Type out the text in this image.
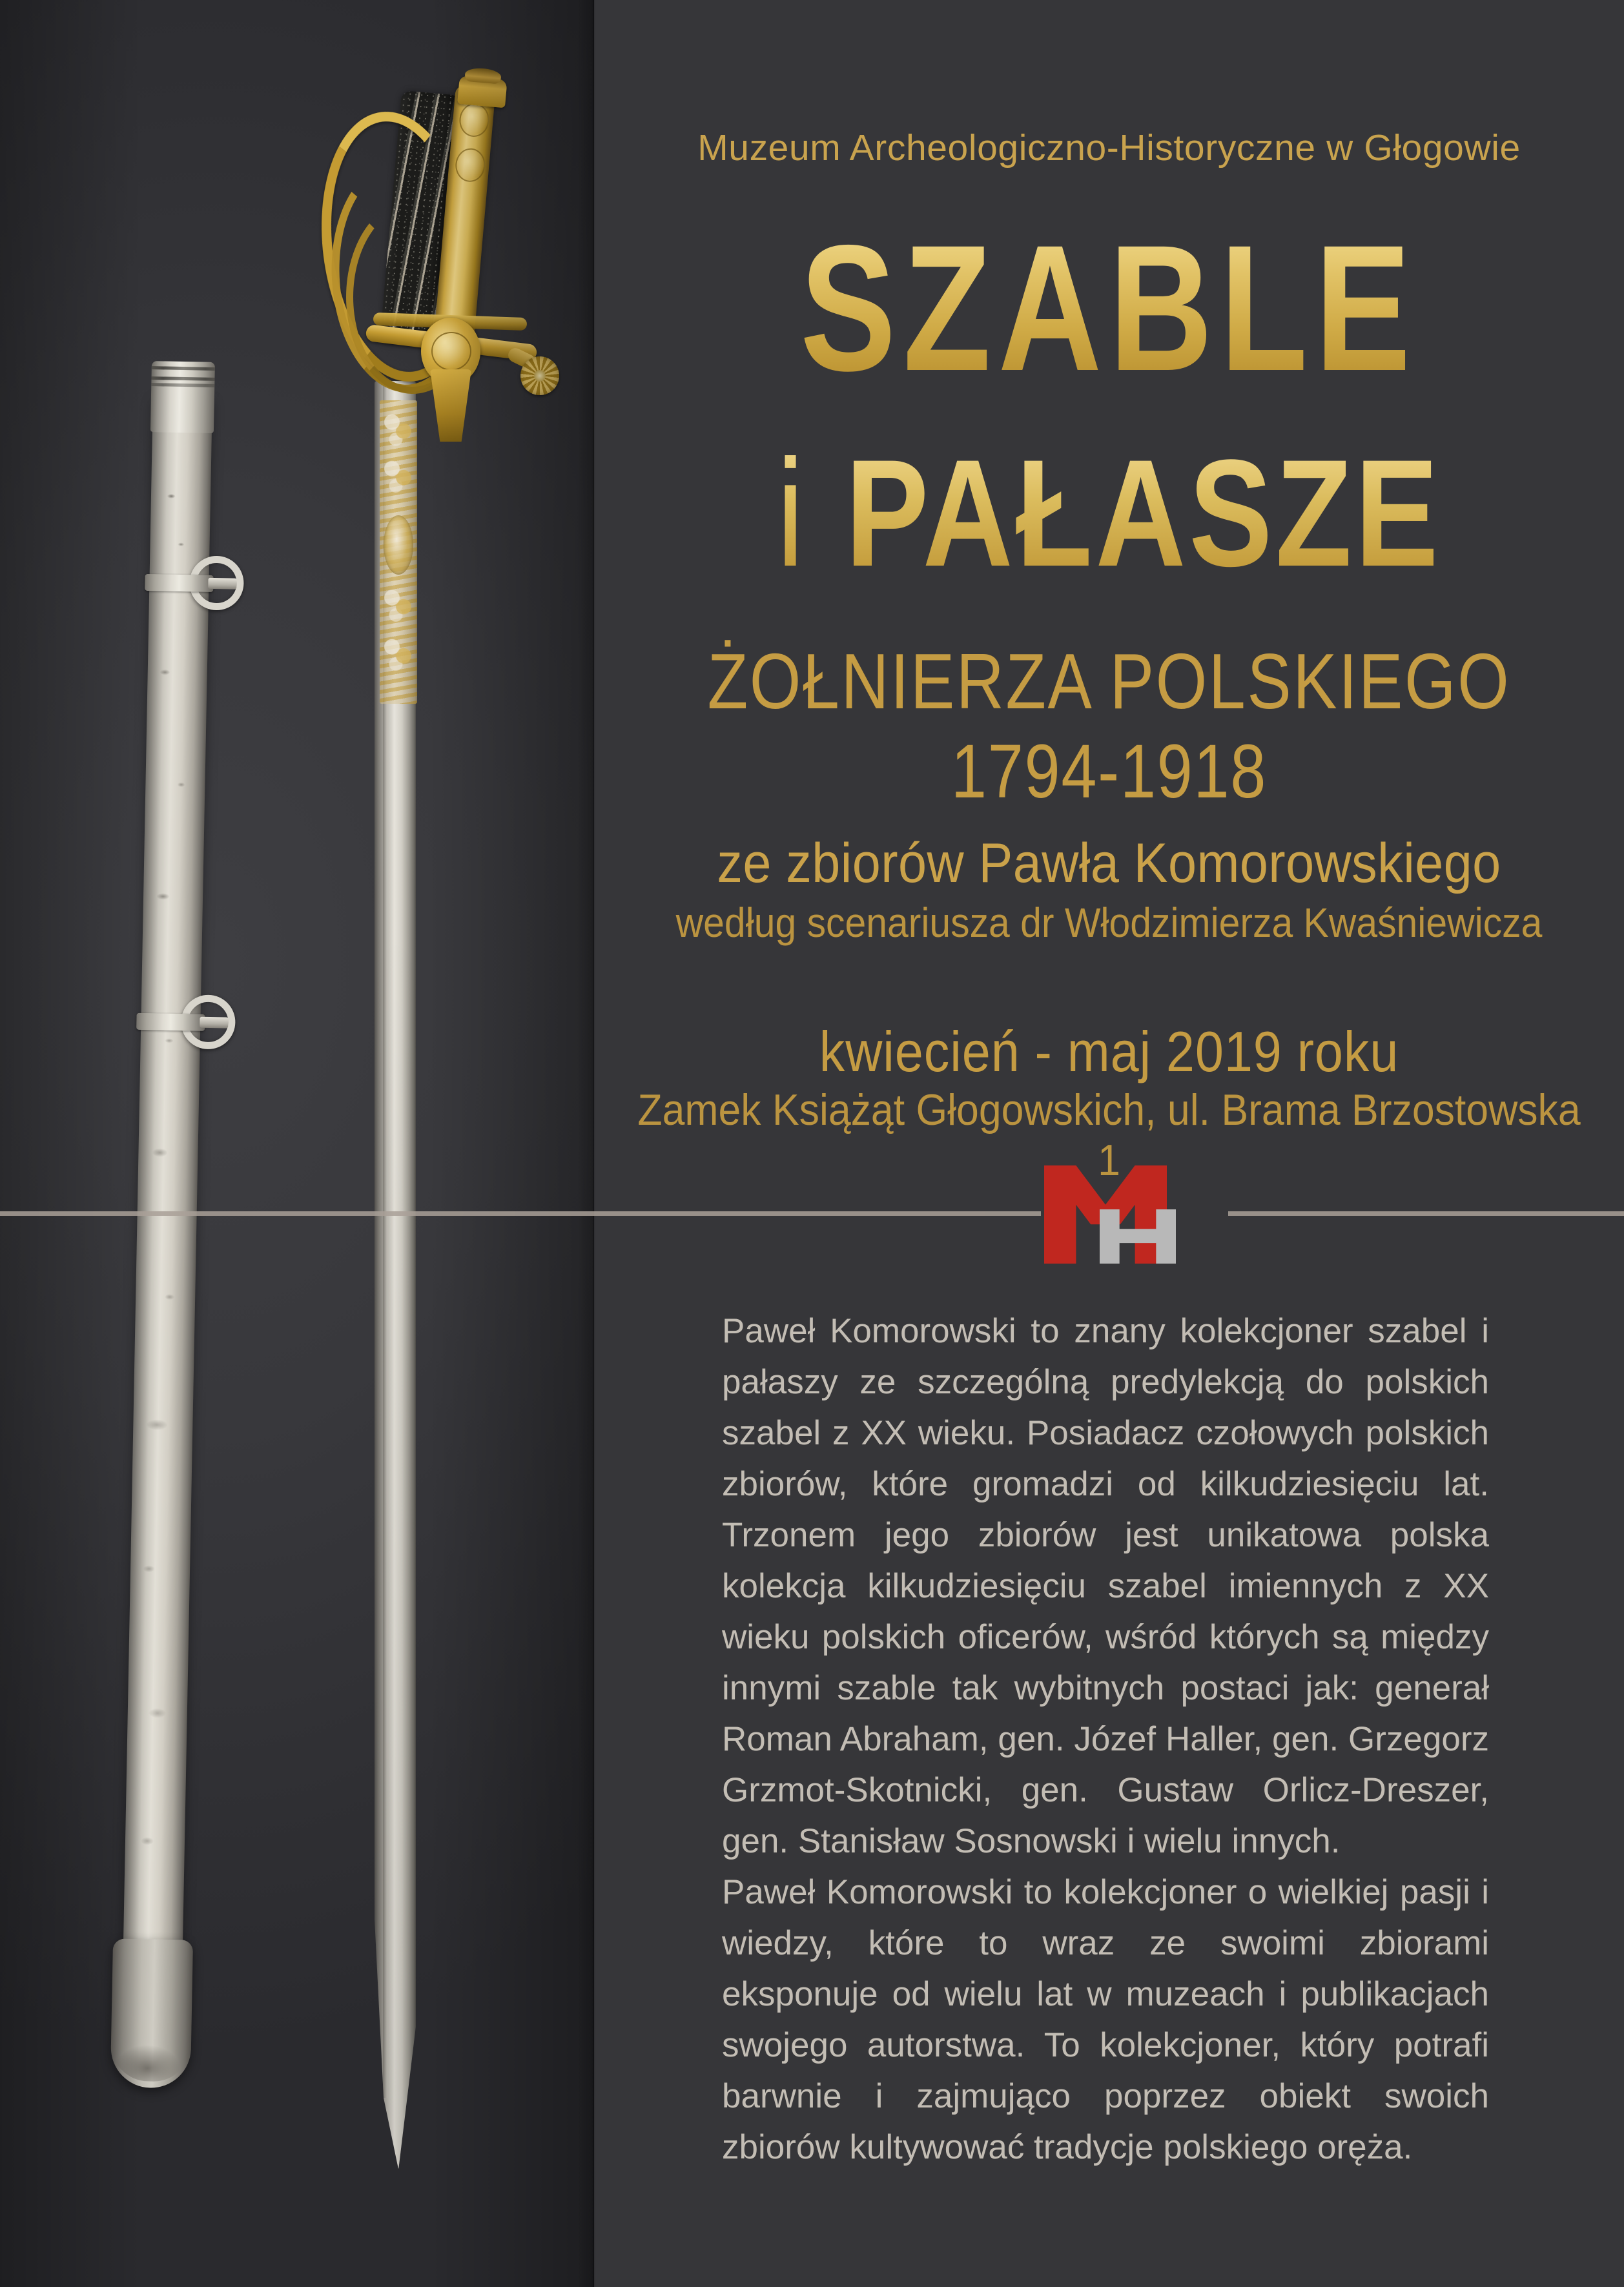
Muzeum Archeologiczno-Historyczne w Głogowie
SZABLE
i PAŁASZE
ŻOŁNIERZA POLSKIEGO
1794-1918
ze zbiorów Pawła Komorowskiego
według scenariusza dr Włodzimierza Kwaśniewicza
kwiecień - maj 2019 roku
Zamek Książąt Głogowskich, ul. Brama Brzostowska 1

Paweł Komorowski to znany kolekcjoner szabel i pałaszy ze szczególną predylekcją do polskich szabel z XX wieku. Posiadacz czołowych polskich zbiorów, które gromadzi od kilkudziesięciu lat. Trzonem jego zbiorów jest unikatowa polska kolekcja kilkudziesięciu szabel imiennych z XX wieku polskich oficerów, wśród których są między innymi szable tak wybitnych postaci jak: generał Roman Abraham, gen. Józef Haller, gen. Grzegorz Grzmot-Skotnicki, gen. Gustaw Orlicz-Dreszer, gen. Stanisław Sosnowski i wielu innych.

Paweł Komorowski to kolekcjoner o wielkiej pasji i wiedzy, które to wraz ze swoimi zbiorami eksponuje od wielu lat w muzeach i publikacjach swojego autorstwa. To kolekcjoner, który potrafi barwnie i zajmująco poprzez obiekt swoich zbiorów kultywować tradycje polskiego oręża.
